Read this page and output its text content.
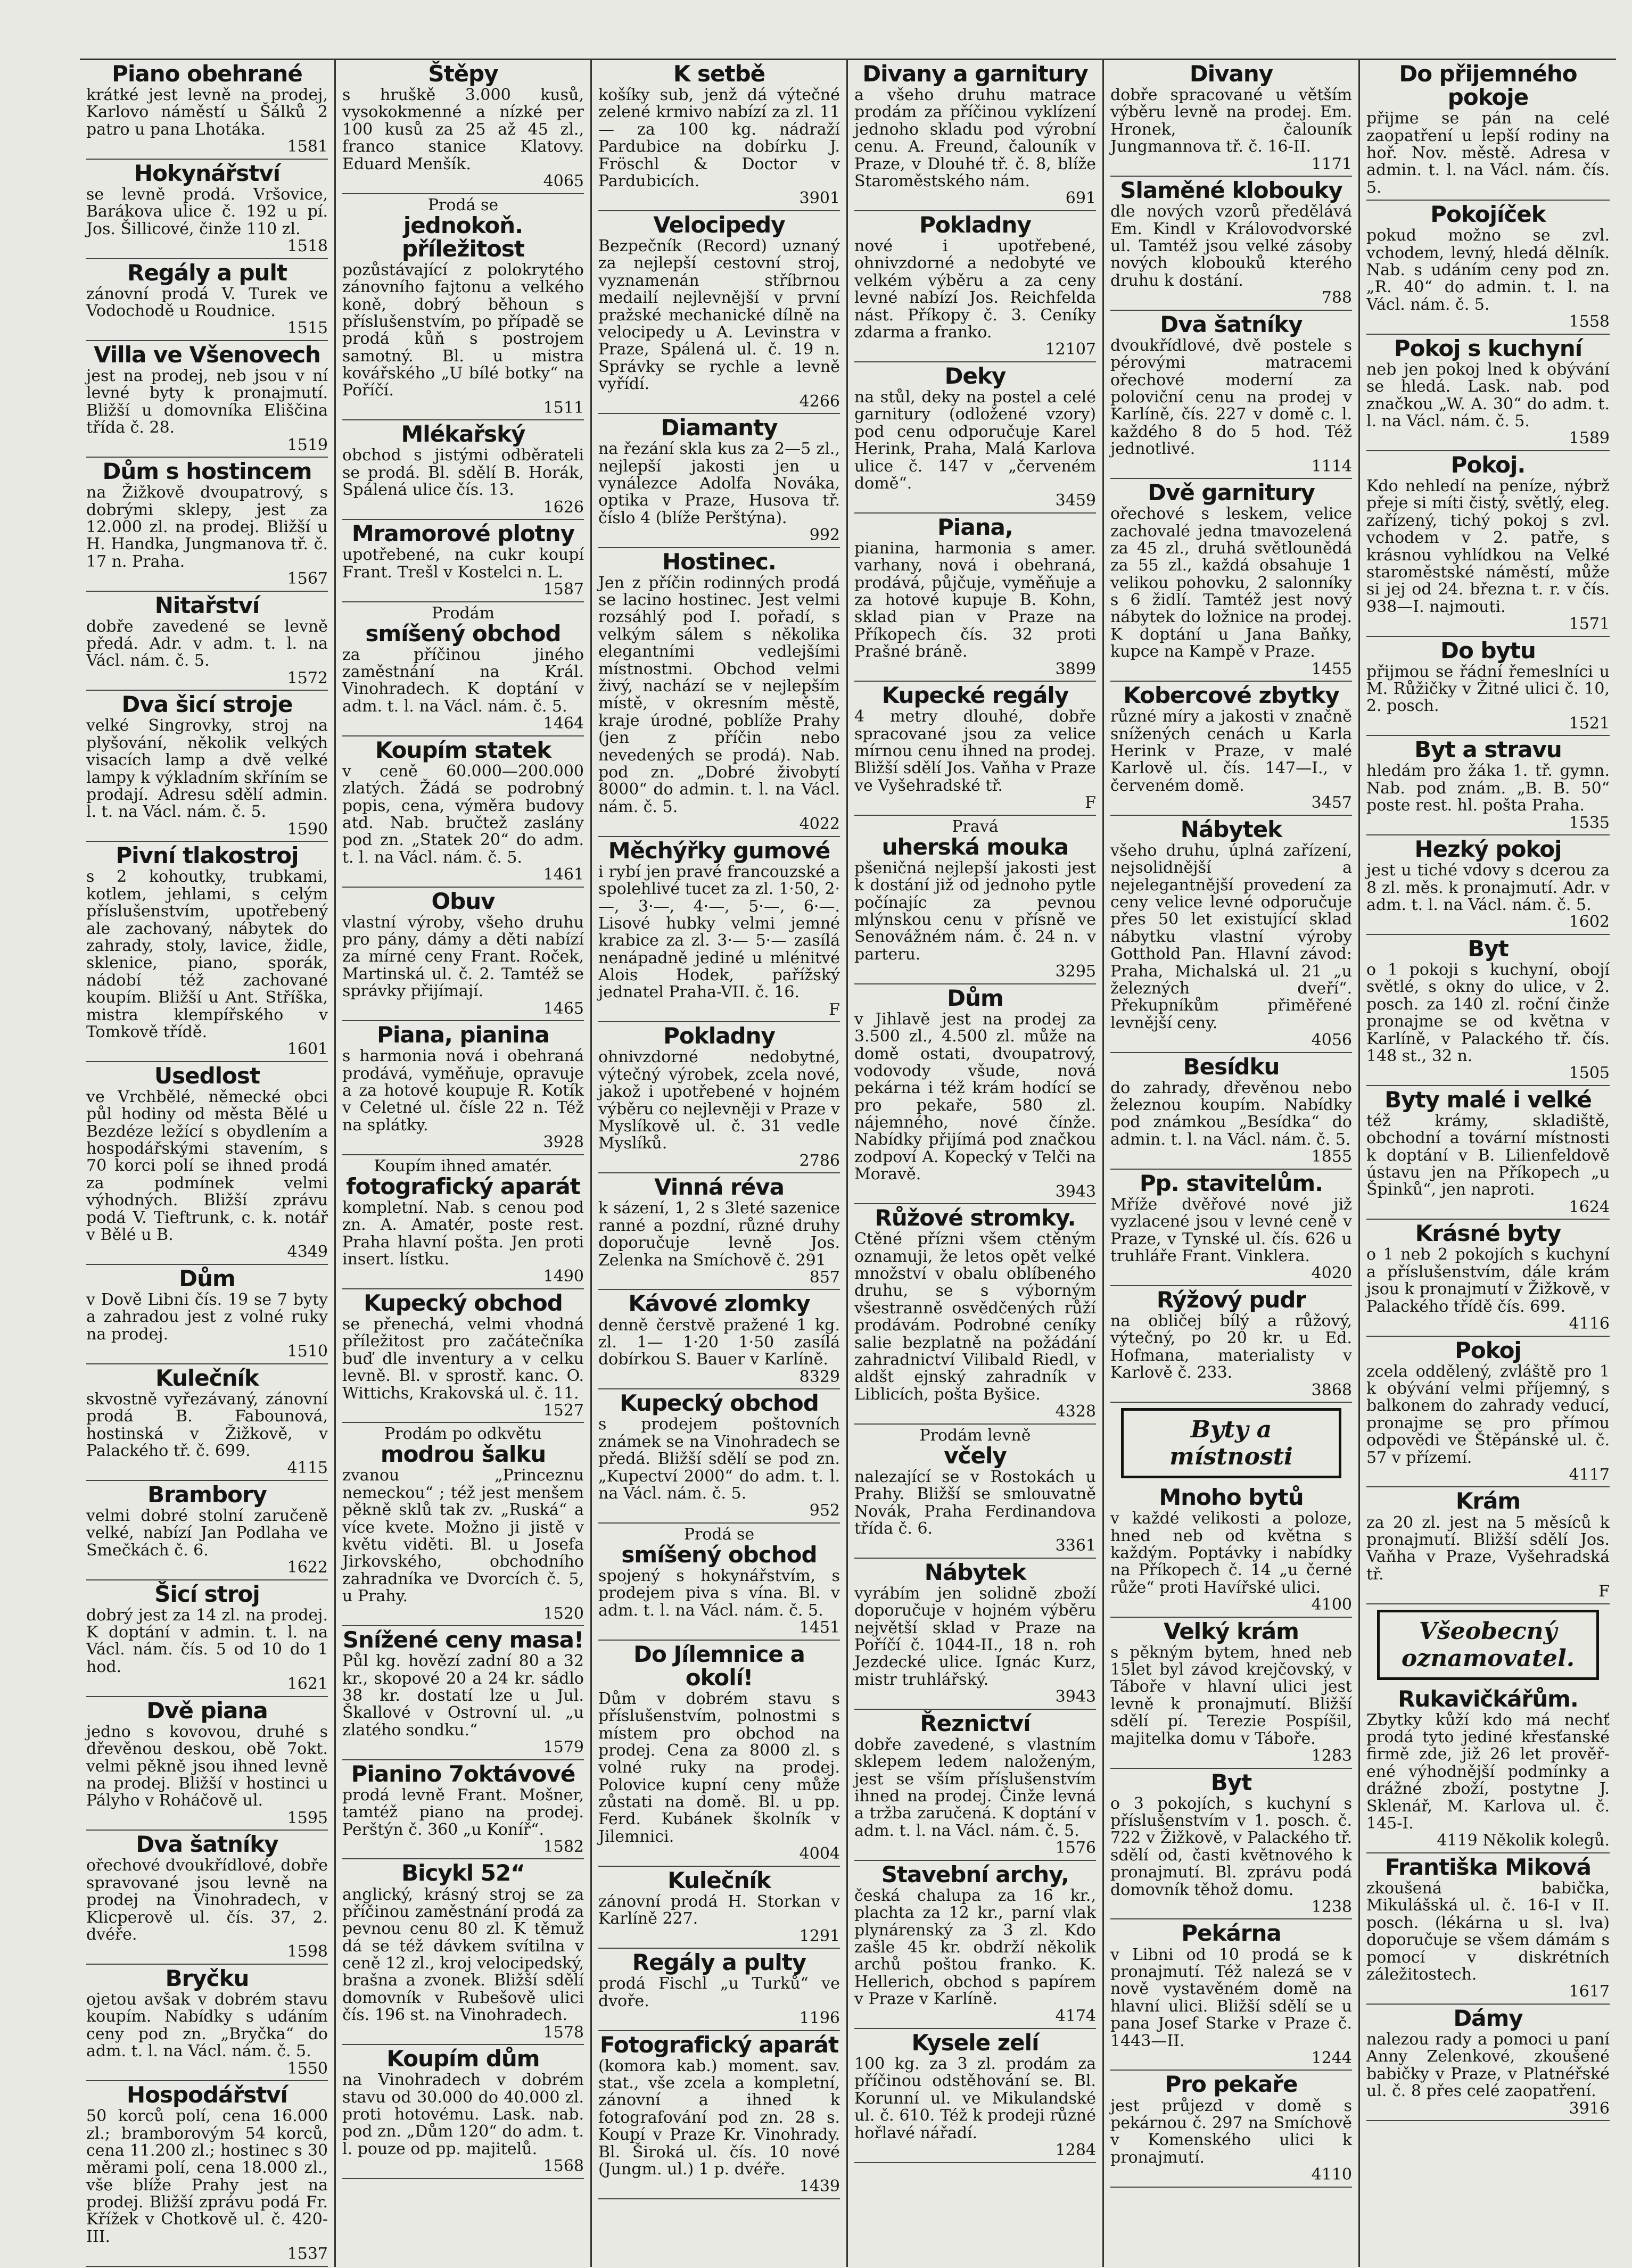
Piano obehrané

krátké jest levně na prodej, Karlovo náměstí u Šálků 2 patro u pana Lhotáka.

1581
Hokynářství

se levně prodá. Vršovice, Barákova ulice č. 192 u pí. Jos. Šillicové, činže 110 zl.

1518
Regály a pult

zánovní prodá V. Turek ve Vodochodě u Roudnice.

1515
Villa ve Všenovech

jest na prodej, neb jsou v ní levné byty k pronajmutí. Bližší u domovníka Eliščina třída č. 28.

1519
Dům s hostincem

na Žižkově dvoupatrový, s dobrými sklepy, jest za 12.000 zl. na prodej. Bližší u H. Handka, Jungmanova tř. č. 17 n. Praha.

1567
Nitařství

dobře zavedené se levně předá. Adr. v adm. t. l. na Václ. nám. č. 5.

1572
Dva šicí stroje

velké Singrovky, stroj na plyšování, několik velkých visacích lamp a dvě velké lampy k výkladním skříním se prodají. Adresu sdělí admin. l. t. na Václ. nám. č. 5.

1590
Pivní tlakostroj

s 2 kohoutky, trubkami, kotlem, jehlami, s celým příslušenstvím, upotřebený ale zachovaný, nábytek do zahrady, stoly, lavice, židle, sklenice, piano, sporák, nádobí též zachované koupím. Bližší u Ant. Stříška, mistra klempířského v Tomkově třídě.

1601
Usedlost

ve Vrchbělé, německé obci půl hodiny od města Bělé u Bezdéze ležící s obydlením a hospodářskými stavením, s 70 korci polí se ihned prodá za podmínek velmi výhodných. Bližší zprávu podá V. Tieftrunk, c. k. notář v Bělé u B.

4349
Dům

v Dově Libni čís. 19 se 7 byty a zahradou jest z volné ruky na prodej.

1510
Kulečník

skvostně vyřezávaný, zánovní prodá B. Fabounová, hostinská v Žižkově, v Palackého tř. č. 699.

4115
Brambory

velmi dobré stolní zaručeně velké, nabízí Jan Podlaha ve Smečkách č. 6.

1622
Šicí stroj

dobrý jest za 14 zl. na prodej. K doptání v admin. t. l. na Václ. nám. čís. 5 od 10 do 1 hod.

1621
Dvě piana

jedno s kovovou, druhé s dřevěnou deskou, obě 7okt. velmi pěkně jsou ihned levně na prodej. Bližší v hostinci u Pályho v Roháčově ul.

1595
Dva šatníky

ořechové dvoukřídlové, dobře spravované jsou levně na prodej na Vinohradech, v Klicperově ul. čís. 37, 2. dvéře.

1598
Bryčku

ojetou avšak v dobrém stavu koupím. Nabídky s udáním ceny pod zn. „Bryčka“ do adm. t. l. na Václ. nám. č. 5.

1550
Hospodářství

50 korců polí, cena 16.000 zl.; bramborovým 54 korců, cena 11.200 zl.; hostinec s 30 měrami polí, cena 18.000 zl., vše blíže Prahy jest na prodej. Bližší zprávu podá Fr. Křížek v Chotkově ul. č. 420-III.

1537
Štěpy

s hruškě 3.000 kusů, vysokokmenné a nízké per 100 kusů za 25 až 45 zl., franco stanice Klatovy. Eduard Menšík.

4065
Prodá se
jednokoň. příležitost

pozůstávající z polokrytého zánovního fajtonu a velkého koně, dobrý běhoun s příslušenstvím, po případě se prodá kůň s postrojem samotný. Bl. u mistra kovářského „U bílé botky“ na Poříčí.

1511
Mlékařský

obchod s jistými odběrateli se prodá. Bl. sdělí B. Horák, Spálená ulice čís. 13.

1626
Mramorové plotny

upotřebené, na cukr koupí Frant. Trešl v Kostelci n. L.

1587
Prodám
smíšený obchod

za příčinou jiného zaměstnání na Král. Vinohradech. K doptání v adm. t. l. na Václ. nám. č. 5.

1464
Koupím statek

v ceně 60.000—200.000 zlatých. Žádá se podrobný popis, cena, výměra budovy atd. Nab. bručtež zaslány pod zn. „Statek 20“ do adm. t. l. na Václ. nám. č. 5.

1461
Obuv

vlastní výroby, všeho druhu pro pány, dámy a děti nabízí za mírné ceny Frant. Roček, Martinská ul. č. 2. Tamtéž se správky přijímají.

1465
Piana, pianina

s harmonia nová i obehraná prodává, vyměňuje, opravuje a za hotové koupuje R. Kotík v Celetné ul. čísle 22 n. Též na splátky.

3928
Koupím ihned amatér.
fotografický aparát

kompletní. Nab. s cenou pod zn. A. Amatér, poste rest. Praha hlavní pošta. Jen proti insert. lístku.

1490
Kupecký obchod

se přenechá, velmi vhodná příležitost pro začátečníka buď dle inventury a v celku levně. Bl. v sprostř. kanc. O. Wittichs, Krakovská ul. č. 11.

1527
Prodám po odkvětu
modrou šalku

zvanou „Princeznu nemeckou“ ; též jest menšem pěkně sklů tak zv. „Ruská“ a více kvete. Možno ji jistě v květu viděti. Bl. u Josefa Jirkovského, obchodního zahradníka ve Dvorcích č. 5, u Prahy.

1520
Snížené ceny masa!

Půl kg. hovězí zadní 80 a 32 kr., skopové 20 a 24 kr. sádlo 38 kr. dostatí lze u Jul. Škallové v Ostrovní ul. „u zlatého sondku.“

1579
Pianino 7oktávové

prodá levně Frant. Mošner, tamtéž piano na prodej. Perštýn č. 360 „u Koníř“.

1582
Bicykl 52“

anglický, krásný stroj se za příčinou zaměstnání prodá za pevnou cenu 80 zl. K těmuž dá se též dávkem svítilna v ceně 12 zl., kroj velocipedský, brašna a zvonek. Bližší sdělí domovník v Rubešově ulici čís. 196 st. na Vinohradech.

1578
Koupím dům

na Vinohradech v dobrém stavu od 30.000 do 40.000 zl. proti hotovému. Lask. nab. pod zn. „Dům 120“ do adm. t. l. pouze od pp. majitelů.

1568
K setbě

košíky sub, jenž dá výtečné zelené krmivo nabízí za zl. 11— za 100 kg. nádraží Pardubice na dobírku J. Fröschl & Doctor v Pardubicích.

3901
Velocipedy

Bezpečník (Record) uznaný za nejlepší cestovní stroj, vyznamenán stříbrnou medailí nejlevnější v první pražské mechanické dílně na velocipedy u A. Levinstra v Praze, Spálená ul. č. 19 n. Správky se rychle a levně vyřídí.

4266
Diamanty

na řezání skla kus za 2—5 zl., nejlepší jakosti jen u vynálezce Adolfa Nováka, optika v Praze, Husova tř. číslo 4 (blíže Perštýna).

992
Hostinec.

Jen z příčin rodinných prodá se lacino hostinec. Jest velmi rozsáhlý pod I. pořadí, s velkým sálem s několika elegantními vedlejšími místnostmi. Obchod velmi živý, nachází se v nejlepším místě, v okresním městě, kraje úrodné, poblíže Prahy (jen z příčin nebo nevedených se prodá). Nab. pod zn. „Dobré živobytí 8000“ do admin. t. l. na Václ. nám. č. 5.

4022
Měchýřky gumové

i rybí jen pravé francouzské a spolehlivé tucet za zl. 1·50, 2·—, 3·—, 4·—, 5·—, 6·—. Lisové hubky velmi jemné krabice za zl. 3·— 5·— zasílá nenápadně jediné u mlénitvé Alois Hodek, pařížský jednatel Praha-VII. č. 16.

F
Pokladny

ohnivzdorné nedobytné, výtečný výrobek, zcela nové, jakož i upotřebené v hojném výběru co nejlevněji v Praze v Myslíkově ul. č. 31 vedle Myslíků.

2786
Vinná réva

k sázení, 1, 2 s 3leté sazenice ranné a pozdní, různé druhy doporučuje levně Jos. Zelenka na Smíchově č. 291

857
Kávové zlomky

denně čerstvě pražené 1 kg. zl. 1— 1·20 1·50 zasílá dobírkou S. Bauer v Karlíně.

8329
Kupecký obchod

s prodejem poštovních známek se na Vinohradech se předá. Bližší sdělí se pod zn. „Kupectví 2000“ do adm. t. l. na Václ. nám. č. 5.

952
Prodá se
smíšený obchod

spojený s hokynářstvím, s prodejem piva s vína. Bl. v adm. t. l. na Václ. nám. č. 5.

1451
Do Jílemnice a okolí!

Dům v dobrém stavu s příslušenstvím, polnostmi s místem pro obchod na prodej. Cena za 8000 zl. s volné ruky na prodej. Polovice kupní ceny může zůstati na domě. Bl. u pp. Ferd. Kubánek školník v Jilemnici.

4004
Kulečník

zánovní prodá H. Storkan v Karlíně 227.

1291
Regály a pulty

prodá Fischl „u Turků“ ve dvoře.

1196
Fotografický aparát

(komora kab.) moment. sav. stat., vše zcela a kompletní, zánovní a ihned k fotografování pod zn. 28 s. Koupí v Praze Kr. Vinohrady. Bl. Široká ul. čís. 10 nové (Jungm. ul.) 1 p. dvéře.

1439
Divany a garnitury

a všeho druhu matrace prodám za příčinou vyklízení jednoho skladu pod výrobní cenu. A. Freund, čalouník v Praze, v Dlouhé tř. č. 8, blíže Staroměstského nám.

691
Pokladny

nové i upotřebené, ohnivzdorné a nedobyté ve velkém výběru a za ceny levné nabízí Jos. Reichfelda nást. Příkopy č. 3. Ceníky zdarma a franko.

12107
Deky

na stůl, deky na postel a celé garnitury (odložené vzory) pod cenu odporučuje Karel Herink, Praha, Malá Karlova ulice č. 147 v „červeném domě“.

3459
Piana,

pianina, harmonia s amer. varhany, nová i obehraná, prodává, půjčuje, vyměňuje a za hotové kupuje B. Kohn, sklad pian v Praze na Příkopech čís. 32 proti Prašné bráně.

3899
Kupecké regály

4 metry dlouhé, dobře spracované jsou za velice mírnou cenu ihned na prodej. Bližší sdělí Jos. Vaňha v Praze ve Vyšehradské tř.

F
Pravá
uherská mouka

pšeničná nejlepší jakosti jest k dostání již od jednoho pytle počínajíc za pevnou mlýnskou cenu v přísně ve Senovážném nám. č. 24 n. v parteru.

3295
Dům

v Jihlavě jest na prodej za 3.500 zl., 4.500 zl. může na domě ostati, dvoupatrový, vodovody všude, nová pekárna i též krám hodící se pro pekaře, 580 zl. nájemného, nové čínže. Nabídky přijímá pod značkou zodpoví A. Kopecký v Telči na Moravě.

3943
Růžové stromky.

Ctěné přízni všem ctěným oznamuji, že letos opět velké množství v obalu oblíbeného druhu, se s výborným všestranně osvědčených růží prodávám. Podrobné ceníky salie bezplatně na požádání zahradnictví Vilibald Riedl, v aldšt ejnský zahradník v Liblicích, pošta Byšice.

4328
Prodám levně
včely

nalezající se v Rostokách u Prahy. Bližší se smlouvatně Novák, Praha Ferdinandova třída č. 6.

3361
Nábytek

vyrábím jen solidně zboží doporučuje v hojném výběru největší sklad v Praze na Poříčí č. 1044-II., 18 n. roh Jezdecké ulice. Ignác Kurz, mistr truhlářský.

3943
Řeznictví

dobře zavedené, s vlastním sklepem ledem naloženým, jest se vším příslušenstvím ihned na prodej. Činže levná a tržba zaručená. K doptání v adm. t. l. na Václ. nám. č. 5.

1576
Stavební archy,

česká chalupa za 16 kr., plachta za 12 kr., parní vlak plynárenský za 3 zl. Kdo zašle 45 kr. obdrží několik archů poštou franko. K. Hellerich, obchod s papírem v Praze v Karlíně.

4174
Kysele zelí

100 kg. za 3 zl. prodám za příčinou odstěhování se. Bl. Korunní ul. ve Mikulandské ul. č. 610. Též k prodeji různé hořlavé nářadí.

1284
Divany

dobře spracované u větším výběru levně na prodej. Em. Hronek, čalouník Jungmannova tř. č. 16-II.

1171
Slaměné klobouky

dle nových vzorů předělává Em. Kindl v Královodvorské ul. Tamtéž jsou velké zásoby nových klobouků kterého druhu k dostání.

788
Dva šatníky

dvoukřídlové, dvě postele s pérovými matracemi ořechové moderní za poloviční cenu na prodej v Karlíně, čís. 227 v domě c. l. každého 8 do 5 hod. Též jednotlivé.

1114
Dvě garnitury

ořechové s leskem, velice zachovalé jedna tmavozelená za 45 zl., druhá světlounědá za 55 zl., každá obsahuje 1 velikou pohovku, 2 salonníky s 6 židlí. Tamtéž jest nový nábytek do ložnice na prodej. K doptání u Jana Baňky, kupce na Kampě v Praze.

1455
Kobercové zbytky

různé míry a jakosti v značně snížených cenách u Karla Herink v Praze, v malé Karlově ul. čís. 147—I., v červeném domě.

3457
Nábytek

všeho druhu, úplná zařízení, nejsolidnější a nejelegantnější provedení za ceny velice levné odporučuje přes 50 let existující sklad nábytku vlastní výroby Gotthold Pan. Hlavní závod: Praha, Michalská ul. 21 „u železných dveří“. Překupníkům přiměřené levnější ceny.

4056
Besídku

do zahrady, dřevěnou nebo železnou koupím. Nabídky pod známkou „Besídka“ do admin. t. l. na Václ. nám. č. 5.

1855
Pp. stavitelům.

Mříže dvěřové nové již vyzlacené jsou v levné ceně v Praze, v Tynské ul. čís. 626 u truhláře Frant. Vinklera.

4020
Rýžový pudr

na obličej bílý a růžový, výtečný, po 20 kr. u Ed. Hofmana, materialisty v Karlově č. 233.

3868
Byty a místnosti
Mnoho bytů

v každé velikosti a poloze, hned neb od května s každým. Poptávky i nabídky na Příkopech č. 14 „u černé růže“ proti Havířské ulici.

4100
Velký krám

s pěkným bytem, hned neb 15let byl závod krejčovský, v Táboře v hlavní ulici jest levně k pronajmutí. Bližší sdělí pí. Terezie Pospíšil, majitelka domu v Táboře.

1283
Byt

o 3 pokojích, s kuchyní s příslušenstvím v 1. posch. č. 722 v Žižkově, v Palackého tř. sdělí od, časti květnového k pronajmutí. Bl. zprávu podá domovník těhož domu.

1238
Pekárna

v Libni od 10 prodá se k pronajmutí. Též nalezá se v nově vystavěném domě na hlavní ulici. Bližší sdělí se u pana Josef Starke v Praze č. 1443—II.

1244
Pro pekaře

jest průjezd v domě s pekárnou č. 297 na Smíchově v Komenského ulici k pronajmutí.

4110
Do přijemného pokoje

přijme se pán na celé zaopatření u lepší rodiny na hoř. Nov. městě. Adresa v admin. t. l. na Václ. nám. čís. 5.

Pokojíček

pokud možno se zvl. vchodem, levný, hledá dělník. Nab. s udáním ceny pod zn. „R. 40“ do admin. t. l. na Václ. nám. č. 5.

1558
Pokoj s kuchyní

neb jen pokoj lned k obývání se hledá. Lask. nab. pod značkou „W. A. 30“ do adm. t. l. na Václ. nám. č. 5.

1589
Pokoj.

Kdo nehledí na peníze, nýbrž přeje si míti čistý, světlý, eleg. zařízený, tichý pokoj s zvl. vchodem v 2. patře, s krásnou vyhlídkou na Velké staroměstské náměstí, může si jej od 24. března t. r. v čís. 938—I. najmouti.

1571
Do bytu

přijmou se řádní řemeslníci u M. Růžičky v Žitné ulici č. 10, 2. posch.

1521
Byt a stravu

hledám pro žáka 1. tř. gymn. Nab. pod znám. „B. B. 50“ poste rest. hl. pošta Praha.

1535
Hezký pokoj

jest u tiché vdovy s dcerou za 8 zl. měs. k pronajmutí. Adr. v adm. t. l. na Václ. nám. č. 5.

1602
Byt

o 1 pokoji s kuchyní, obojí světlé, s okny do ulice, v 2. posch. za 140 zl. roční činže pronajme se od května v Karlíně, v Palackého tř. čís. 148 st., 32 n.

1505
Byty malé i velké

též krámy, skladiště, obchodní a tovární místnosti k doptání v B. Lilienfeldově ústavu jen na Příkopech „u Špinků“, jen naproti.

1624
Krásné byty

o 1 neb 2 pokojích s kuchyní a příslušenstvím, dále krám jsou k pronajmutí v Žižkově, v Palackého třídě čís. 699.

4116
Pokoj

zcela oddělený, zvláště pro 1 k obývání velmi příjemný, s balkonem do zahrady veducí, pronajme se pro přímou odpovědi ve Štěpánské ul. č. 57 v přízemí.

4117
Krám

za 20 zl. jest na 5 měsíců k pronajmutí. Bližší sdělí Jos. Vaňha v Praze, Vyšehradská tř.

F
Všeobecný oznamovatel.
Rukavičkářům.

Zbytky kůží kdo má nechť prodá tyto jediné křesťanské firmě zde, již 26 let prověřené výhodnější podmínky a drážné zboží, postytne J. Sklenář, M. Karlova ul. č. 145-I.

4119 Několik kolegů.
Františka Miková

zkoušená babička, Mikulášská ul. č. 16-I v II. posch. (lékárna u sl. lva) doporučuje se všem dámám s pomocí v diskrétních záležitostech.

1617
Dámy

nalezou rady a pomoci u paní Anny Zelenkové, zkoušené babičky v Praze, v Platnéřské ul. č. 8 přes celé zaopatření.

3916
